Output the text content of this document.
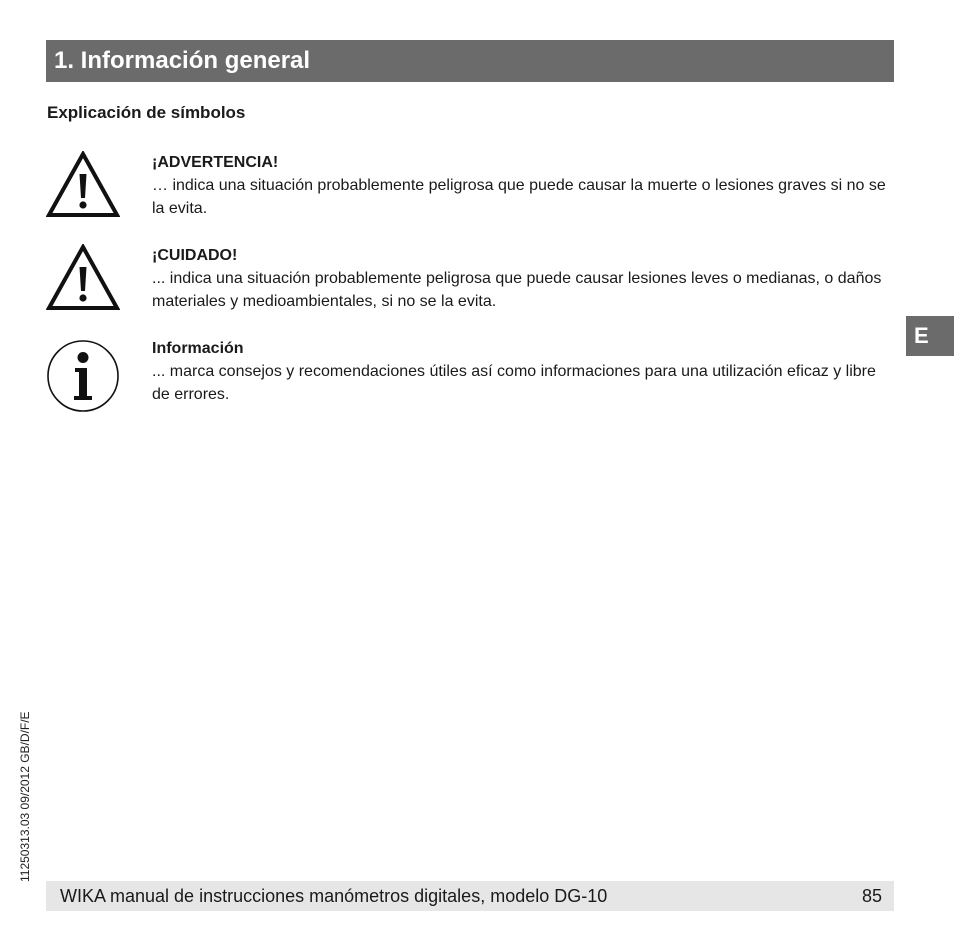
1. Información general
Explicación de símbolos
¡ADVERTENCIA!
… indica una situación probablemente peligrosa que puede causar la muerte o lesiones graves si no se la evita.
¡CUIDADO!
... indica una situación probablemente peligrosa que puede causar lesiones leves o medianas, o daños materiales y medioambientales, si no se la evita.
Información
... marca consejos y recomendaciones útiles así como informaciones para una utilización eficaz y libre de errores.
E
11250313.03 09/2012 GB/D/F/E
WIKA manual de instrucciones manómetros digitales, modelo DG-10	85
